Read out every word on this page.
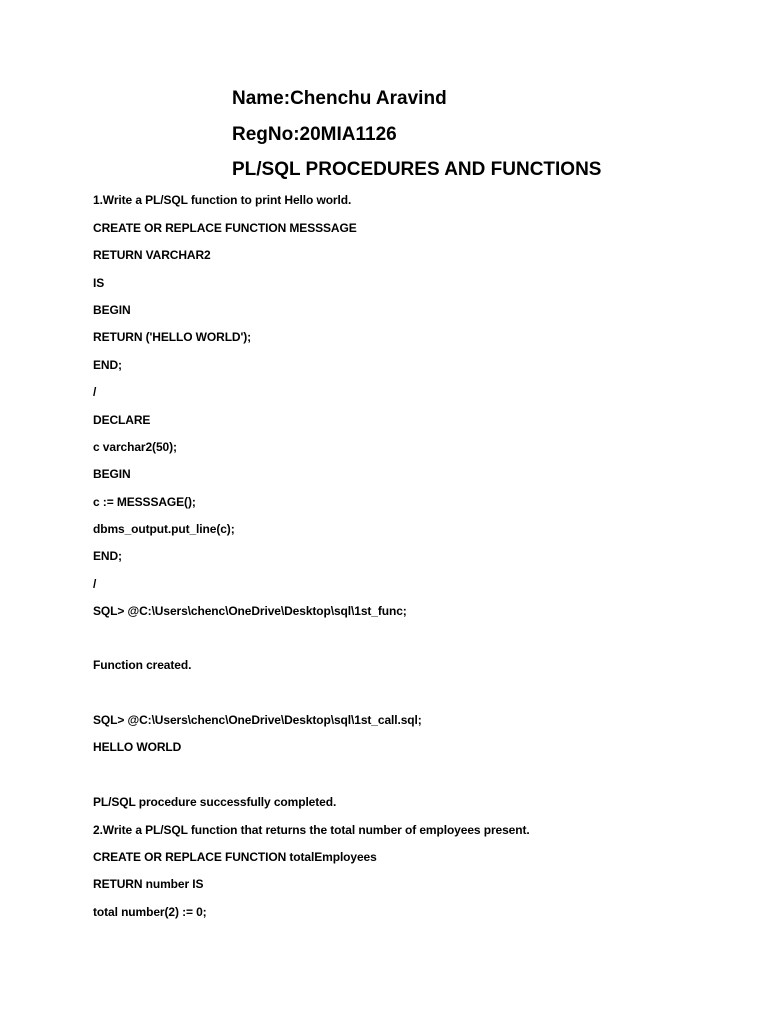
Name:Chenchu Aravind
RegNo:20MIA1126
PL/SQL PROCEDURES AND FUNCTIONS
1.Write a PL/SQL function to print Hello world.
CREATE OR REPLACE FUNCTION MESSSAGE
RETURN VARCHAR2
IS
BEGIN
RETURN ('HELLO WORLD');
END;
/
DECLARE
c varchar2(50);
BEGIN
c := MESSSAGE();
dbms_output.put_line(c);
END;
/
SQL> @C:\Users\chenc\OneDrive\Desktop\sql\1st_func;
Function created.
SQL> @C:\Users\chenc\OneDrive\Desktop\sql\1st_call.sql;
HELLO WORLD
PL/SQL procedure successfully completed.
2.Write a PL/SQL function that returns the total number of employees present.
CREATE OR REPLACE FUNCTION totalEmployees
RETURN number IS
total number(2) := 0;
